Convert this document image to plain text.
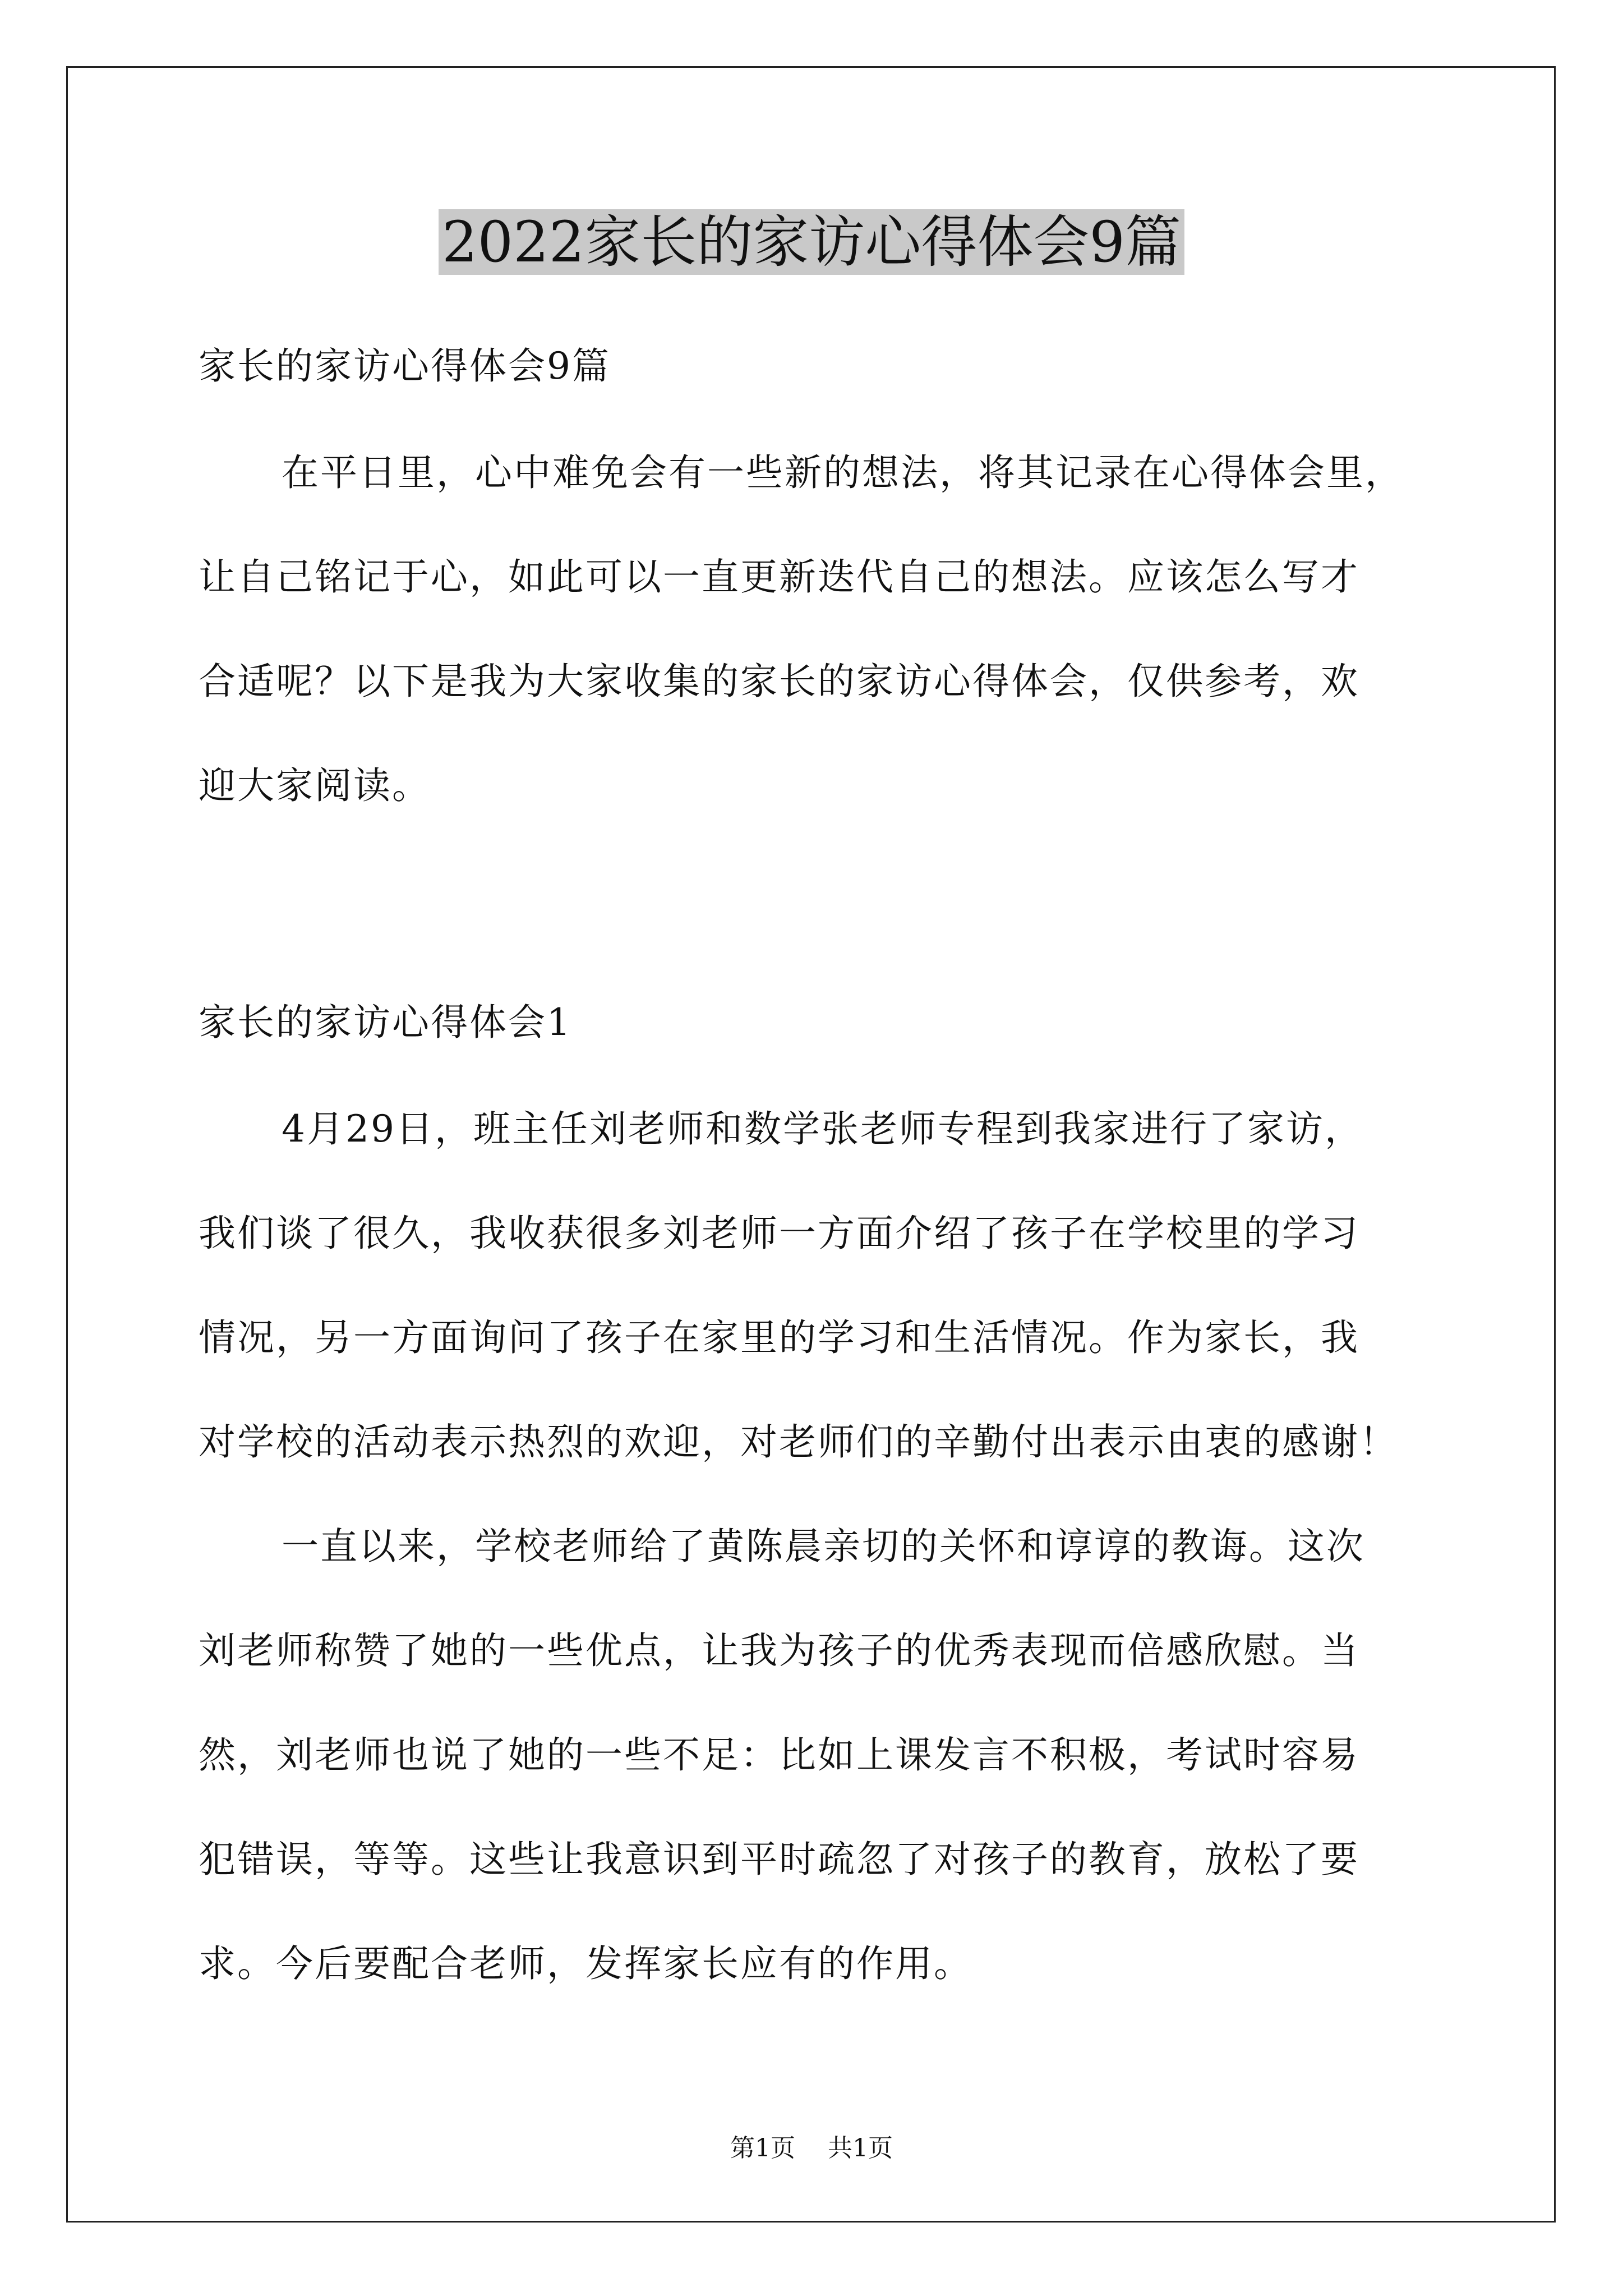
2022家长的家访心得体会9篇
家长的家访心得体会9篇
在平日里，心中难免会有一些新的想法，将其记录在心得体会里，
让自己铭记于心，如此可以一直更新迭代自己的想法。应该怎么写才
合适呢？以下是我为大家收集的家长的家访心得体会，仅供参考，欢
迎大家阅读。
家长的家访心得体会1
4月29日，班主任刘老师和数学张老师专程到我家进行了家访，
我们谈了很久，我收获很多刘老师一方面介绍了孩子在学校里的学习
情况，另一方面询问了孩子在家里的学习和生活情况。作为家长，我
对学校的活动表示热烈的欢迎，对老师们的辛勤付出表示由衷的感谢！
一直以来，学校老师给了黄陈晨亲切的关怀和谆谆的教诲。这次
刘老师称赞了她的一些优点，让我为孩子的优秀表现而倍感欣慰。当
然，刘老师也说了她的一些不足：比如上课发言不积极，考试时容易
犯错误，等等。这些让我意识到平时疏忽了对孩子的教育，放松了要
求。今后要配合老师，发挥家长应有的作用。
第1页 共1页
